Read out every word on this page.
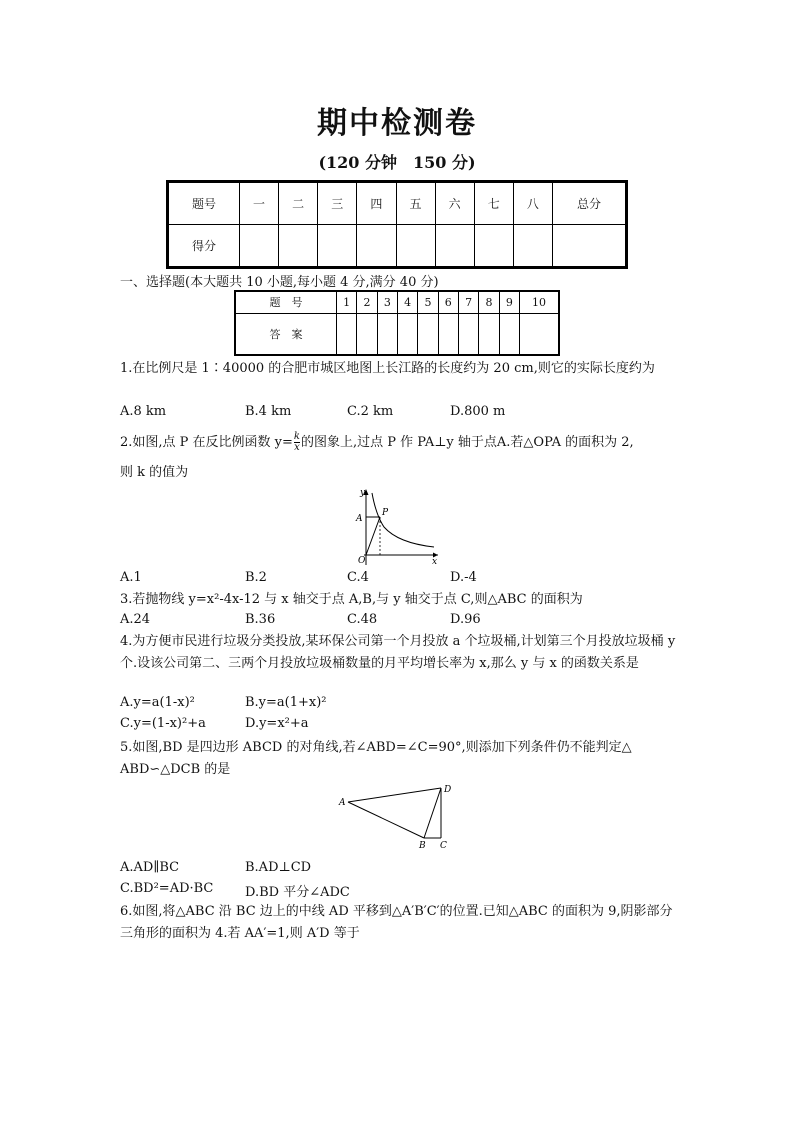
期中检测卷
(120 分钟　150 分)
题号	一	二	三	四	五	六	七	八	总分
得分									
一、选择题(本大题共 10 小题,每小题 4 分,满分 40 分)
题　号	1	2	3	4	5	6	7	8	9	10
答　案										
1.在比例尺是 1∶40000 的合肥市城区地图上长江路的长度约为 20 cm,则它的实际长度约为
A.8 km	B.4 km	C.2 km	D.800 m
2.如图,点 P 在反比例函数 $y= \frac{k}{x}$ 的图象上,过点 P 作 PA⊥y 轴于点A.若△OPA 的面积为 2,
则 k 的值为
y
x
O
A
P
A.1	B.2	C.4	D.-4
3.若抛物线 y=x²-4x-12 与 x 轴交于点 A,B,与 y 轴交于点 C,则△ABC 的面积为
A.24	B.36	C.48	D.96
4.为方便市民进行垃圾分类投放,某环保公司第一个月投放 a 个垃圾桶,计划第三个月投放垃圾桶 y 个.设该公司第二、三两个月投放垃圾桶数量的月平均增长率为 x,那么 y 与 x 的函数关系是
A.y=a(1-x)²	B.y=a(1+x)²
C.y=(1-x)²+a	D.y=x²+a
5.如图,BD 是四边形 ABCD 的对角线,若∠ABD=∠C=90°,则添加下列条件仍不能判定△
ABD∽△DCB 的是
A
B C
D
A.AD∥BC	B.AD⊥CD
C.BD²=AD·BC D.BD 平分∠ADC
6.如图,将△ABC 沿 BC 边上的中线 AD 平移到△A′B′C′的位置.已知△ABC 的面积为 9,阴影部分三角形的面积为 4.若 AA′=1,则 A′D 等于
